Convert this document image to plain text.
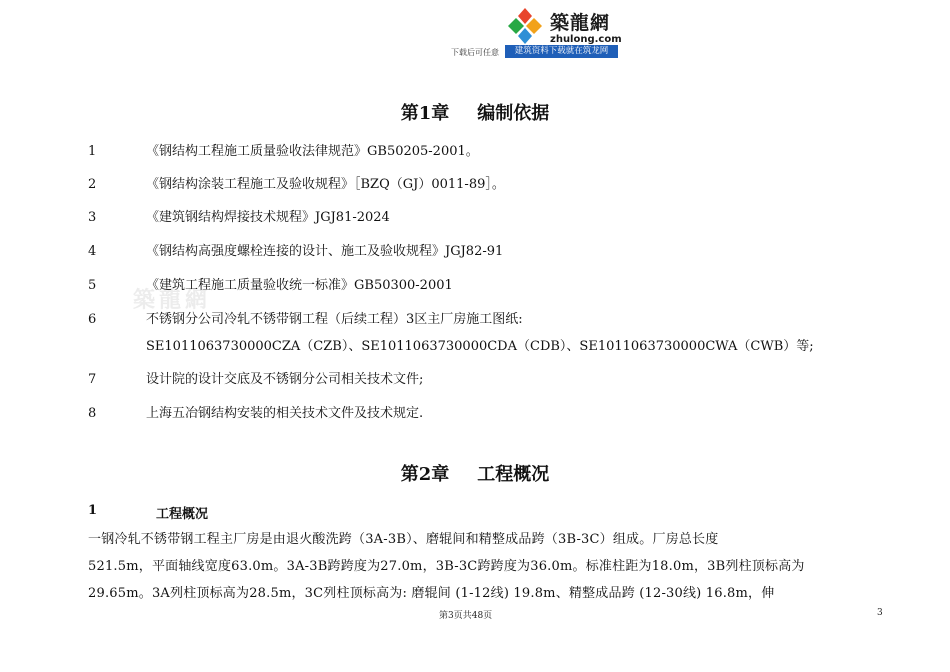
築龍網
zhulong.com
下载后可任意	建筑资料下载就在筑龙网
築龍網
第1章 编制依据
1	《钢结构工程施工质量验收法律规范》GB50205-2001。
2	《钢结构涂装工程施工及验收规程》［BZQ（GJ）0011-89］。
3	《建筑钢结构焊接技术规程》JGJ81-2024
4	《钢结构高强度螺栓连接的设计、施工及验收规程》JGJ82-91
5	《建筑工程施工质量验收统一标准》GB50300-2001
6	不锈钢分公司冷轧不锈带钢工程（后续工程）3区主厂房施工图纸:
SE1011063730000CZA（CZB）、SE1011063730000CDA（CDB）、SE1011063730000CWA（CWB）等;
7	设计院的设计交底及不锈钢分公司相关技术文件;
8	上海五冶钢结构安装的相关技术文件及技术规定.
第2章 工程概况
1	工程概况
一钢冷轧不锈带钢工程主厂房是由退火酸洗跨（3A-3B）、磨辊间和精整成品跨（3B-3C）组成。厂房总长度
521.5m，平面轴线宽度63.0m。3A-3B跨跨度为27.0m，3B-3C跨跨度为36.0m。标准柱距为18.0m，3B列柱顶标高为
29.65m。3A列柱顶标高为28.5m，3C列柱顶标高为: 磨辊间 (1-12线) 19.8m、精整成品跨 (12-30线) 16.8m，伸
第3页共48页	3
